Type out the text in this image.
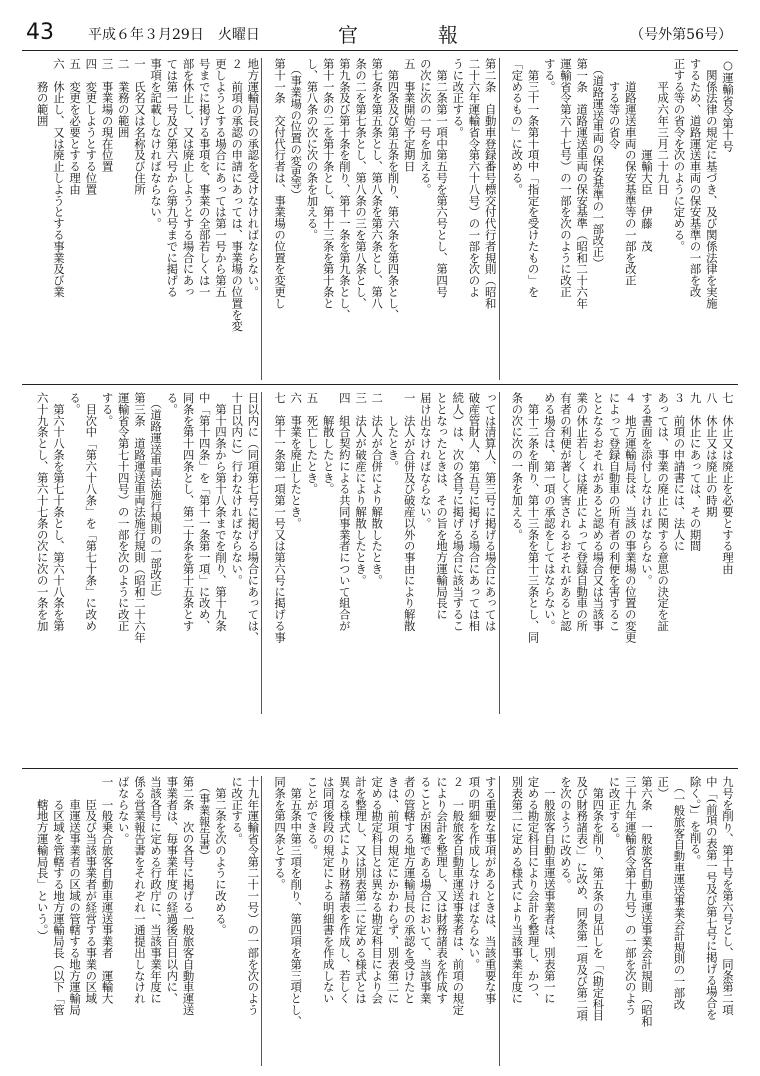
43 平成６年３月29日　火曜日	官　報	（号外第56号）
○運輸省令第十号
　関係法律の規定に基づき、及び関係法律を実施
するため、道路運送車両の保安基準の一部を改
正する等の省令を次のように定める。
　　平成六年三月二十九日
　　　　　　　　運輸大臣　伊藤　茂
　　道路運送車両の保安基準等の一部を改正
　　する等の省令
　（道路運送車両の保安基準の一部改正）
第一条　道路運送車両の保安基準（昭和二十六年
運輸省令第六十七号）の一部を次のように改正
する。
　第三十一条第十項中「指定を受けたもの」を
「定めるもの」に改める。

第二条　自動車登録番号標交付代行者規則（昭和
二十六年運輸省令第六十八号）の一部を次のよ
うに改正する。
　第二条第一項中第五号を第六号とし、第四号
の次に次の一号を加える。
五　事業開始予定期日
　第四条及び第五条を削り、第六条を第四条とし、
第七条を第五条とし、第八条を第六条とし、第八
条の二を第七条とし、第八条の三を第八条とし、
第九条及び第十条を削り、第十一条を第九条とし、
第十一条の二を第十条とし、第十三条を第十条と
し、第八条の次に次の条を加える。
　（事業場の位置の変更等）
第十一条　交付代行者は、事業場の位置を変更し

地方運輸局長の承認を受けなければならない。
２　前項の承認の申請にあっては、事業場の位置を変
更しようとする場合にあっては第一号から第五
号までに掲げる事項を、事業の全部若しくは一
部を休止し、又は廃止しようとする場合にあっ
ては第一号及び第六号から第九号までに掲げる
事項を記載しなければならない。
一　氏名又は名称及び住所
二　業務の範囲
三　事業場の現在位置
四　変更しようとする位置
五　変更を必要とする理由
六　休止し、又は廃止しようとする事業及び業
　　務の範囲
七　休止又は廃止を必要とする理由
八　休止又は廃止の時期
九　休止にあっては、その期間
３　前項の申請書には、法人に
あっては、事業の廃止に関する意思の決定を証
する書面を添付しなければならない。
４　地方運輸局長は、当該の事業場の位置の変更
によって登録自動車の所有者の利便を害するこ
ととなるおそれがあると認める場合又は当該事
業の休止若しくは廃止によって登録自動車の所
有者の利便が著しく害されるおそれがあると認
める場合は、第一項の承認をしてはならない。
　第十二条を削り、第十三条を第十三条とし、同
条の次に次の一条を加える。

っては清算人、第三号に掲げる場合にあっては
破産管財人、第五号に掲げる場合にあっては相
続人）は、次の各号に掲げる場合に該当するこ
ととなったときは、その旨を地方運輸局長に
届け出なければならない。
一　法人が合併及び破産以外の事由により解散
　　したとき。
二　法人が合併により解散したとき。
三　法人が破産により解散したとき。
四　組合契約による共同事業者について組合が
　　解散したとき。
五　死亡したとき。
六　事業を廃止したとき。
七　第十一条第一項第一号又は第六号に掲げる事

日以内に（同項第七号に掲げる場合にあっては、
十日以内に）行わなければならない。
　第十四条から第十八条までを削り、第十九条
中「第十四条」を「第十一条第一項」に改め、
同条を第十四条とし、第二十条を第十五条とす
る。
　（道路運送車両法施行規則の一部改正）
第三条　道路運送車両法施行規則（昭和二十六年
運輸省令第七十四号）の一部を次のように改正
する。
　目次中「第六十八条」を「第七十条」に改め
る。
　第六十八条を第七十条とし、第六十八条を第
六十九条とし、第六十七条の次に次の一条を加

九号を削り、第十号を第六号とし、同条第二項
中「(前項の表第一号及び第七号に掲げる場合を
除く。)」を削る。
　（一般旅客自動車運送事業会計規則の一部改
正）
第六条　一般旅客自動車運送事業会計規則（昭和
三十九年運輸省令第十九号）の一部を次のよう
に改正する。
　第四条を削り、第五条の見出しを「（勘定科目
及び財務諸表）」に改め、同条第一項及び第二項
を次のように改める。
　一般旅客自動車運送事業者は、別表第一に
定める勘定科目により会計を整理し、かつ、
別表第二に定める様式により当該事業年度に

する重要な事項があるときは、当該重要な事
項の明細を作成しなければならない。
２　一般旅客自動車運送事業者は、前項の規定
により会計を整理し、又は財務諸表を作成す
ることが困難である場合において、当該事業
者の管轄する地方運輸局長の承認を受けたと
きは、前項の規定にかかわらず、別表第二に
定める勘定科目とは異なる勘定科目により会
計を整理し、又は別表第二に定める様式とは
異なる様式により財務諸表を作成し、若しく
は同項後段の規定による明細書を作成しない
ことができる。
　第五条中第三項を削り、第四項を第三項とし、
同条を第四条とする。

十九年運輸省令第二十一号）の一部を次のよう
に改正する。
　第二条を次のように改める。
　（事業報告書）
第二条　次の各号に掲げる一般旅客自動車運送
事業者は、毎事業年度の経過後百日以内に、
当該各号に定める行政庁に、当該事業年度に
係る営業報告書をそれぞれ一通提出しなけれ
ばならない。
一　一般乗合旅客自動車運送事業者　運輸大
　　臣及び当該事業者が経営する事業の区域
　　車運送事業者の区域の管轄する地方運輸局
　　る区域を管轄する地方運輸局長（以下「管
　　轄地方運輸局長」という。）
